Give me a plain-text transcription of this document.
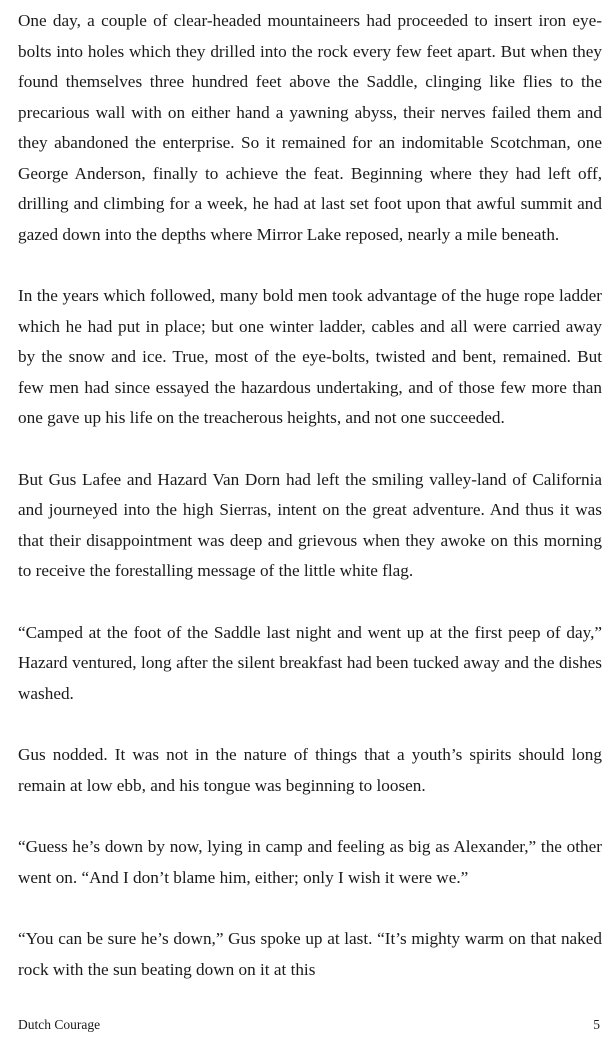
One day, a couple of clear-headed mountaineers had proceeded to insert iron eye-bolts into holes which they drilled into the rock every few feet apart. But when they found themselves three hundred feet above the Saddle, clinging like flies to the precarious wall with on either hand a yawning abyss, their nerves failed them and they abandoned the enterprise. So it remained for an indomitable Scotchman, one George Anderson, finally to achieve the feat. Beginning where they had left off, drilling and climbing for a week, he had at last set foot upon that awful summit and gazed down into the depths where Mirror Lake reposed, nearly a mile beneath.

In the years which followed, many bold men took advantage of the huge rope ladder which he had put in place; but one winter ladder, cables and all were carried away by the snow and ice. True, most of the eye-bolts, twisted and bent, remained. But few men had since essayed the hazardous undertaking, and of those few more than one gave up his life on the treacherous heights, and not one succeeded.

But Gus Lafee and Hazard Van Dorn had left the smiling valley-land of California and journeyed into the high Sierras, intent on the great adventure. And thus it was that their disappointment was deep and grievous when they awoke on this morning to receive the forestalling message of the little white flag.

“Camped at the foot of the Saddle last night and went up at the first peep of day,” Hazard ventured, long after the silent breakfast had been tucked away and the dishes washed.

Gus nodded. It was not in the nature of things that a youth’s spirits should long remain at low ebb, and his tongue was beginning to loosen.

“Guess he’s down by now, lying in camp and feeling as big as Alexander,” the other went on. “And I don’t blame him, either; only I wish it were we.”

“You can be sure he’s down,” Gus spoke up at last. “It’s mighty warm on that naked rock with the sun beating down on it at this

Dutch Courage	5
